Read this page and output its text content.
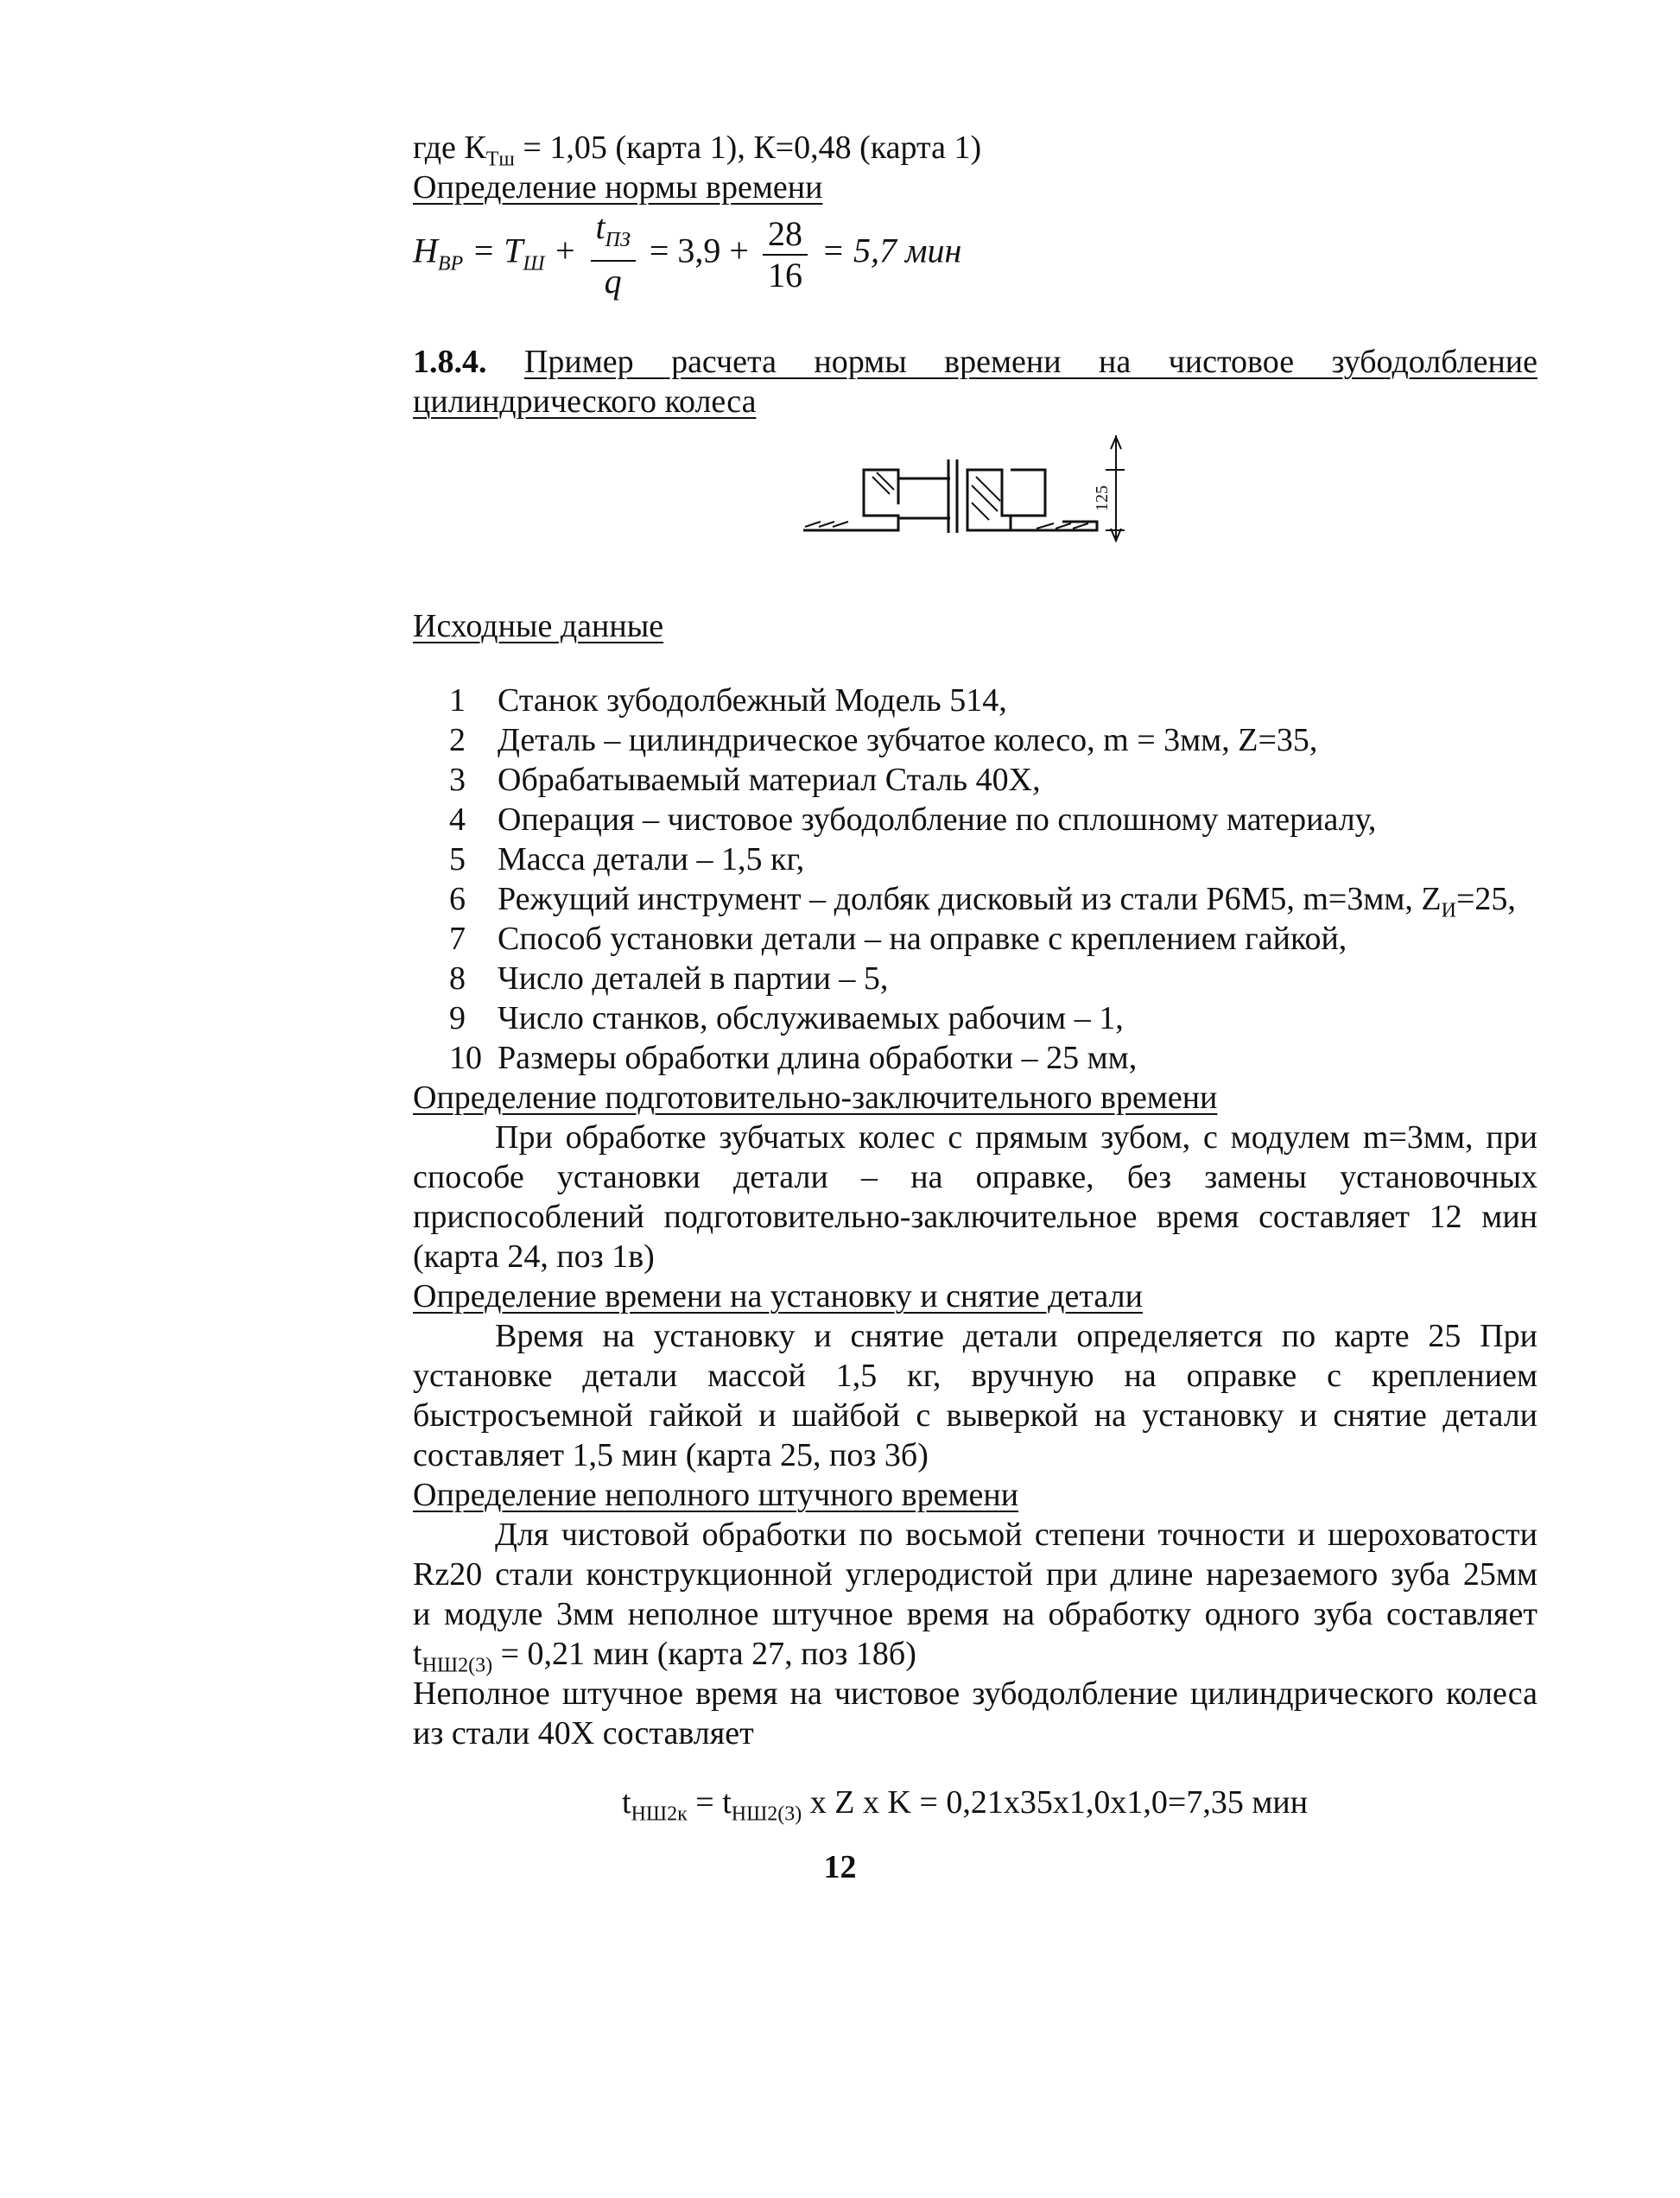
где $К_{Тш} = 1,05$ (карта 1), К=0,48 (карта 1)
Определение нормы времени
$H_{ВР} = T_Ш + \frac{t_{ПЗ}}{q} = 3,9 + \frac{28}{16} = 5,7$ мин
1.8.4. Пример расчета нормы времени на чистовое зубодолбление
цилиндрического колеса
125
Исходные данные
1 Станок зубодолбежный Модель 514,
2 Деталь – цилиндрическое зубчатое колесо, m = 3мм, Z=35,
3 Обрабатываемый материал Сталь 40Х,
4 Операция – чистовое зубодолбление по сплошному материалу,
5 Масса детали – 1,5 кг,
6 Режущий инструмент – долбяк дисковый из стали Р6М5, m=3мм, $Z_И=25$,
7 Способ установки детали – на оправке с креплением гайкой,
8 Число деталей в партии – 5,
9 Число станков, обслуживаемых рабочим – 1,
10 Размеры обработки длина обработки – 25 мм,
Определение подготовительно-заключительного времени
При обработке зубчатых колес с прямым зубом, с модулем m=3мм, при
способе установки детали – на оправке, без замены установочных
приспособлений подготовительно-заключительное время составляет 12 мин
(карта 24, поз 1в)
Определение времени на установку и снятие детали
Время на установку и снятие детали определяется по карте 25 При
установке детали массой 1,5 кг, вручную на оправке с креплением
быстросъемной гайкой и шайбой с выверкой на установку и снятие детали
составляет 1,5 мин (карта 25, поз 3б)
Определение неполного штучного времени
Для чистовой обработки по восьмой степени точности и шероховатости
Rz20 стали конструкционной углеродистой при длине нарезаемого зуба 25мм
и модуле 3мм неполное штучное время на обработку одного зуба составляет
$t_{НШ2(3)} = 0,21$ мин (карта 27, поз 18б)
Неполное штучное время на чистовое зубодолбление цилиндрического колеса
из стали 40Х составляет
$t_{НШ2к} = t_{НШ2(3)}$ x Z x K = 0,21x35x1,0x1,0=7,35 мин
12
